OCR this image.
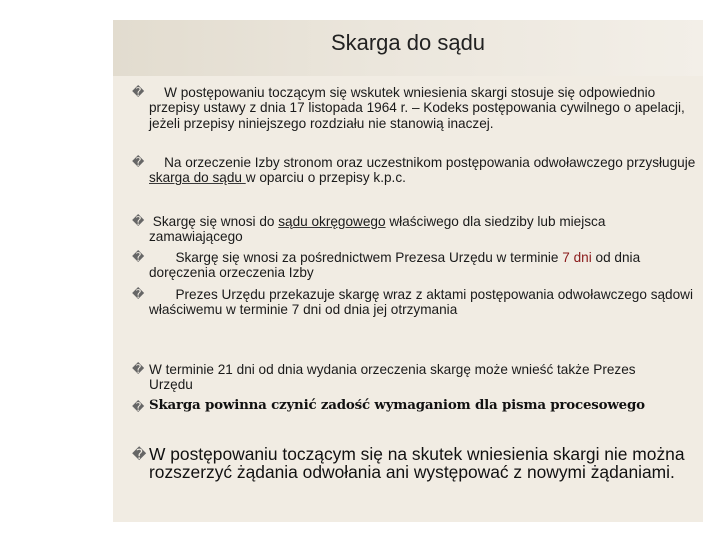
Skarga do sądu
� W postępowaniu toczącym się wskutek wniesienia skargi stosuje się odpowiednio przepisy ustawy z dnia 17 listopada 1964 r. – Kodeks postępowania cywilnego o apelacji, jeżeli przepisy niniejszego rozdziału nie stanowią inaczej.
� Na orzeczenie Izby stronom oraz uczestnikom postępowania odwoławczego przysługuje skarga do sądu w oparciu o przepisy k.p.c.
� Skargę się wnosi do sądu okręgowego właściwego dla siedziby lub miejsca zamawiającego
� Skargę się wnosi za pośrednictwem Prezesa Urzędu w terminie 7 dni od dnia doręczenia orzeczenia Izby
� Prezes Urzędu przekazuje skargę wraz z aktami postępowania odwoławczego sądowi właściwemu w terminie 7 dni od dnia jej otrzymania
� W terminie 21 dni od dnia wydania orzeczenia skargę może wnieść także Prezes Urzędu
� Skarga powinna czynić zadość wymaganiom dla pisma procesowego
� W postępowaniu toczącym się na skutek wniesienia skargi nie można rozszerzyć żądania odwołania ani występować z nowymi żądaniami.
